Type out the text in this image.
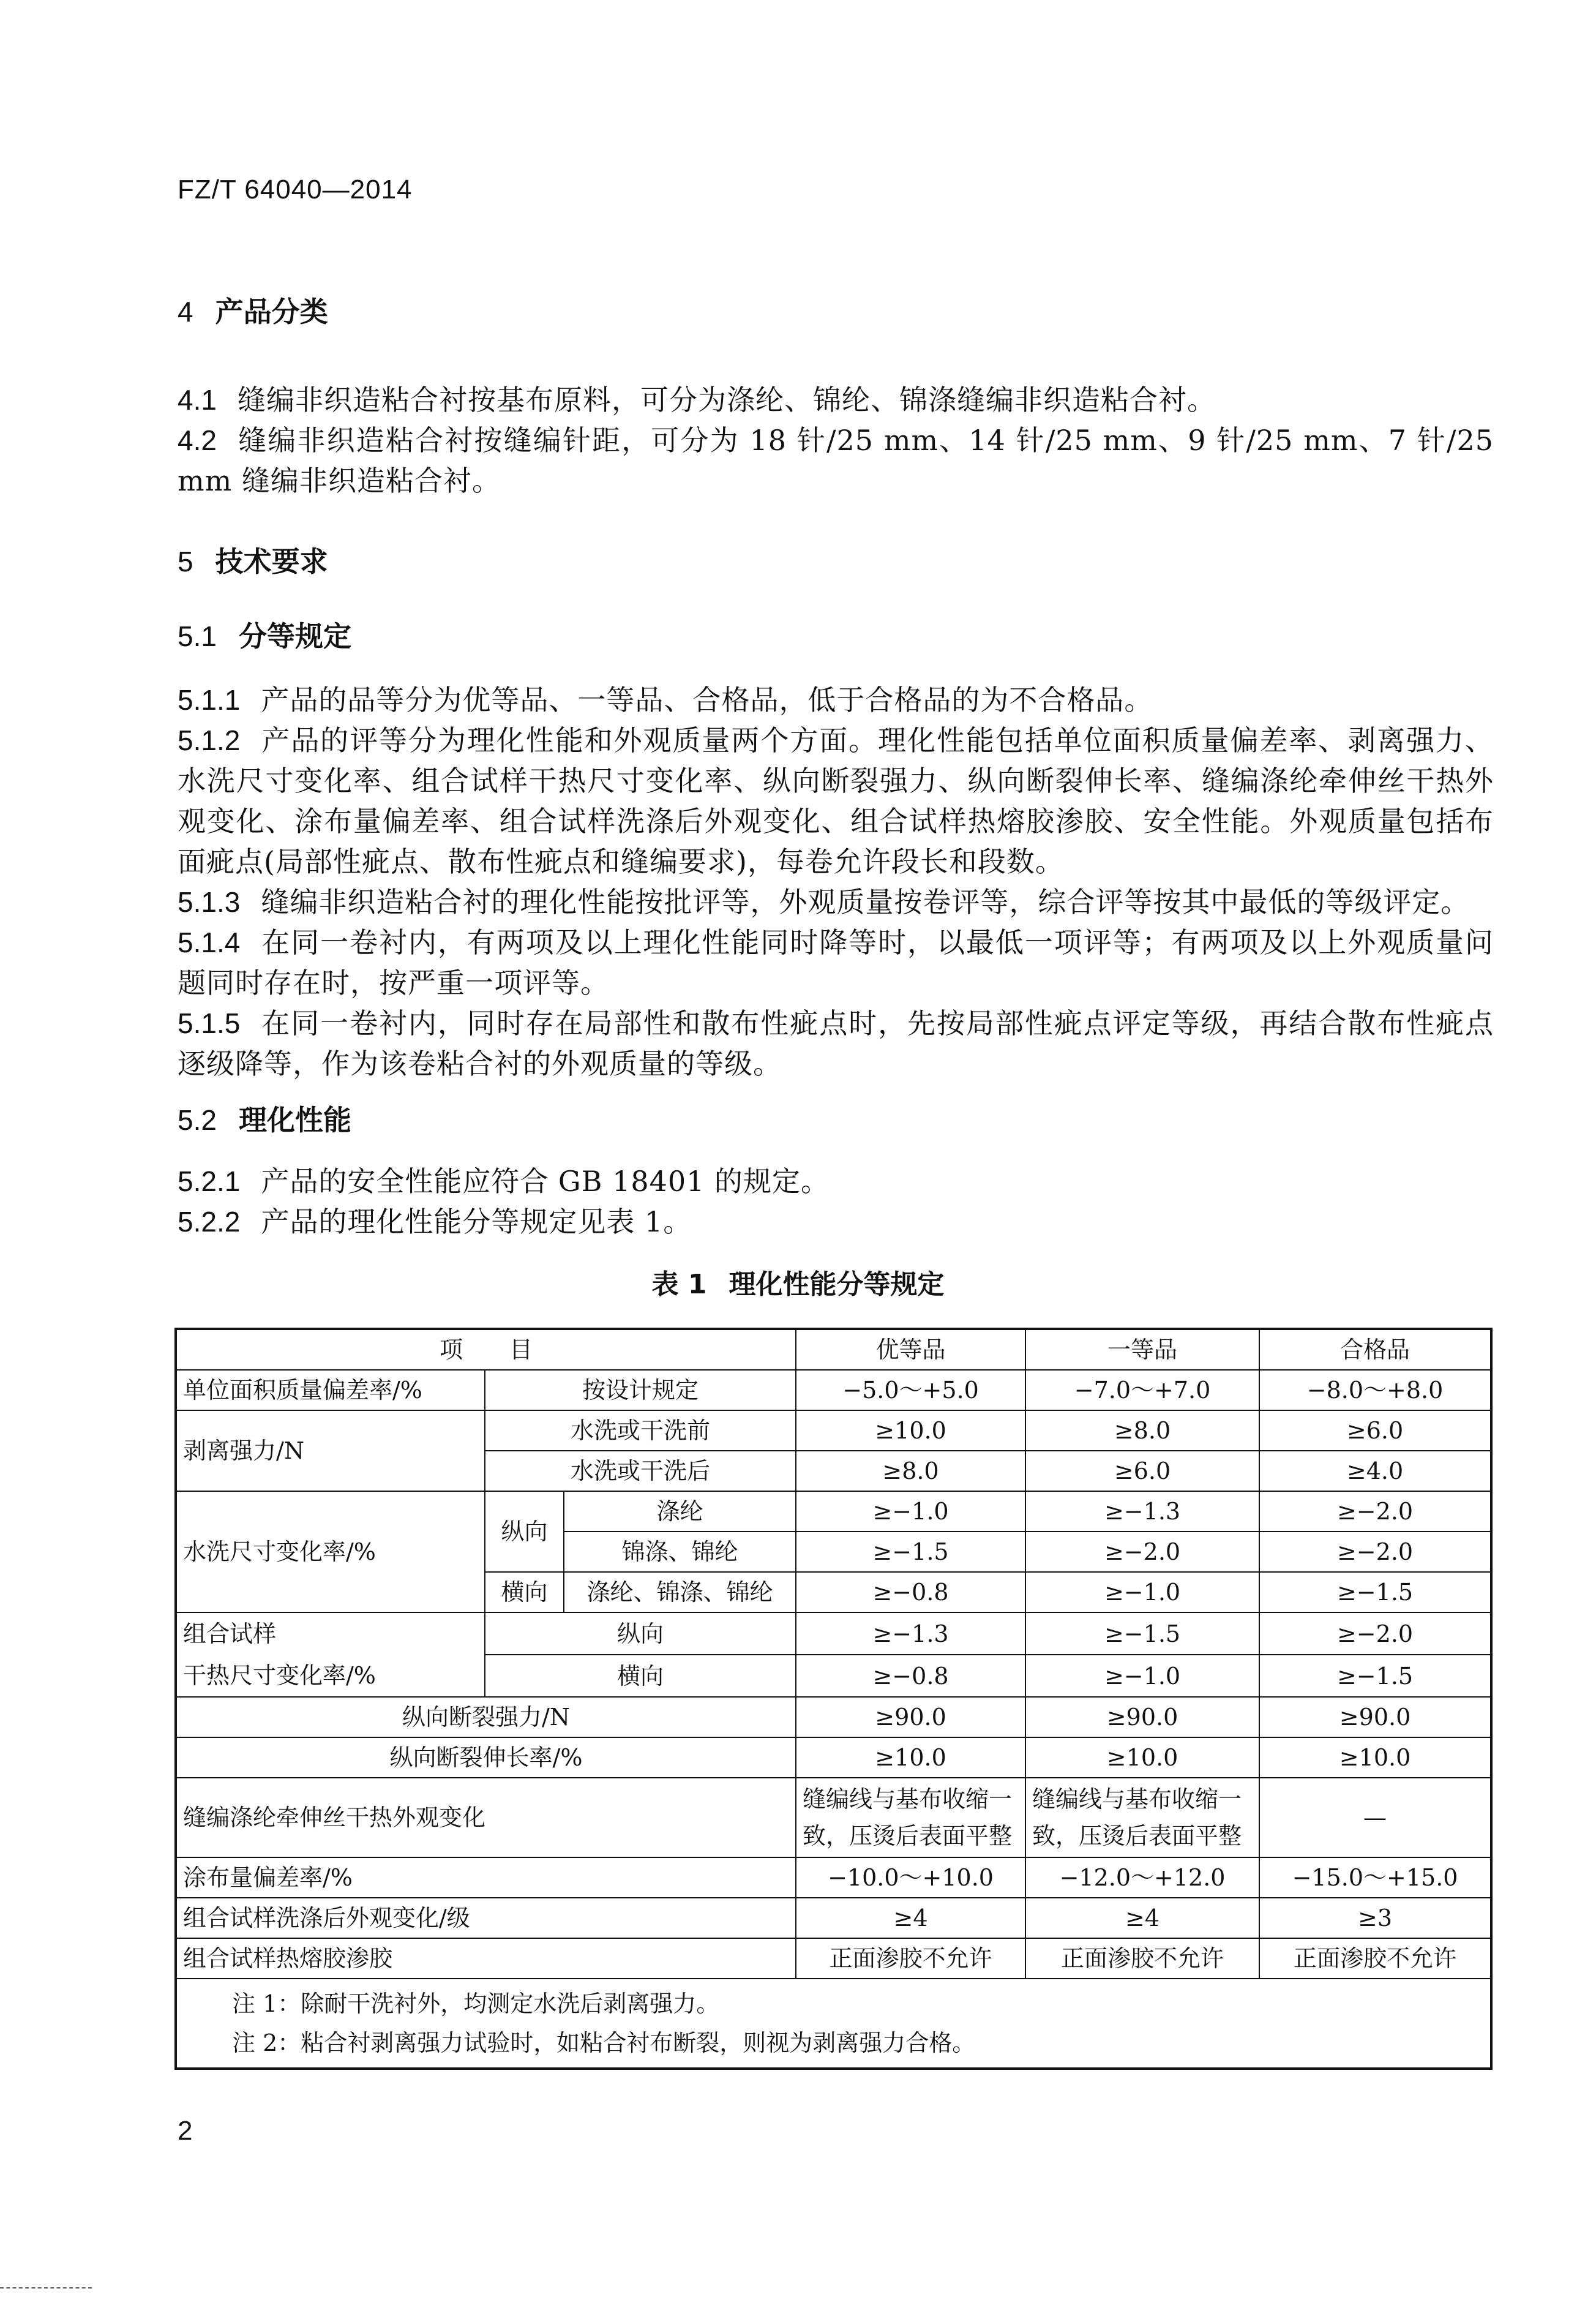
FZ/T 64040—2014
4 产品分类
4.1 缝编非织造粘合衬按基布原料，可分为涤纶、锦纶、锦涤缝编非织造粘合衬。
4.2 缝编非织造粘合衬按缝编针距，可分为 18 针/25 mm、14 针/25 mm、9 针/25 mm、7 针/25 mm 缝编非织造粘合衬。
5 技术要求
5.1 分等规定
5.1.1 产品的品等分为优等品、一等品、合格品，低于合格品的为不合格品。
5.1.2 产品的评等分为理化性能和外观质量两个方面。理化性能包括单位面积质量偏差率、剥离强力、水洗尺寸变化率、组合试样干热尺寸变化率、纵向断裂强力、纵向断裂伸长率、缝编涤纶牵伸丝干热外观变化、涂布量偏差率、组合试样洗涤后外观变化、组合试样热熔胶渗胶、安全性能。外观质量包括布面疵点(局部性疵点、散布性疵点和缝编要求)，每卷允许段长和段数。
5.1.3 缝编非织造粘合衬的理化性能按批评等，外观质量按卷评等，综合评等按其中最低的等级评定。
5.1.4 在同一卷衬内，有两项及以上理化性能同时降等时，以最低一项评等；有两项及以上外观质量问题同时存在时，按严重一项评等。
5.1.5 在同一卷衬内，同时存在局部性和散布性疵点时，先按局部性疵点评定等级，再结合散布性疵点逐级降等，作为该卷粘合衬的外观质量的等级。
5.2 理化性能
5.2.1 产品的安全性能应符合 GB 18401 的规定。
5.2.2 产品的理化性能分等规定见表 1。
表 1 理化性能分等规定
项　　目			优等品	一等品	合格品
单位面积质量偏差率/%	按设计规定		−5.0～+5.0	−7.0～+7.0	−8.0～+8.0
剥离强力/N	水洗或干洗前		≥10.0	≥8.0	≥6.0
	水洗或干洗后		≥8.0	≥6.0	≥4.0
水洗尺寸变化率/%	纵向	涤纶	≥−1.0	≥−1.3	≥−2.0
		锦涤、锦纶	≥−1.5	≥−2.0	≥−2.0
	横向	涤纶、锦涤、锦纶	≥−0.8	≥−1.0	≥−1.5
组合试样
干热尺寸变化率/%	纵向		≥−1.3	≥−1.5	≥−2.0
	横向		≥−0.8	≥−1.0	≥−1.5
纵向断裂强力/N			≥90.0	≥90.0	≥90.0
纵向断裂伸长率/%			≥10.0	≥10.0	≥10.0
缝编涤纶牵伸丝干热外观变化			缝编线与基布收缩一致，压烫后表面平整	缝编线与基布收缩一致，压烫后表面平整	—
涂布量偏差率/%			−10.0～+10.0	−12.0～+12.0	−15.0～+15.0
组合试样洗涤后外观变化/级			≥4	≥4	≥3
组合试样热熔胶渗胶			正面渗胶不允许	正面渗胶不允许	正面渗胶不允许

注 1：除耐干洗衬外，均测定水洗后剥离强力。
注 2：粘合衬剥离强力试验时，如粘合衬布断裂，则视为剥离强力合格。					
2
